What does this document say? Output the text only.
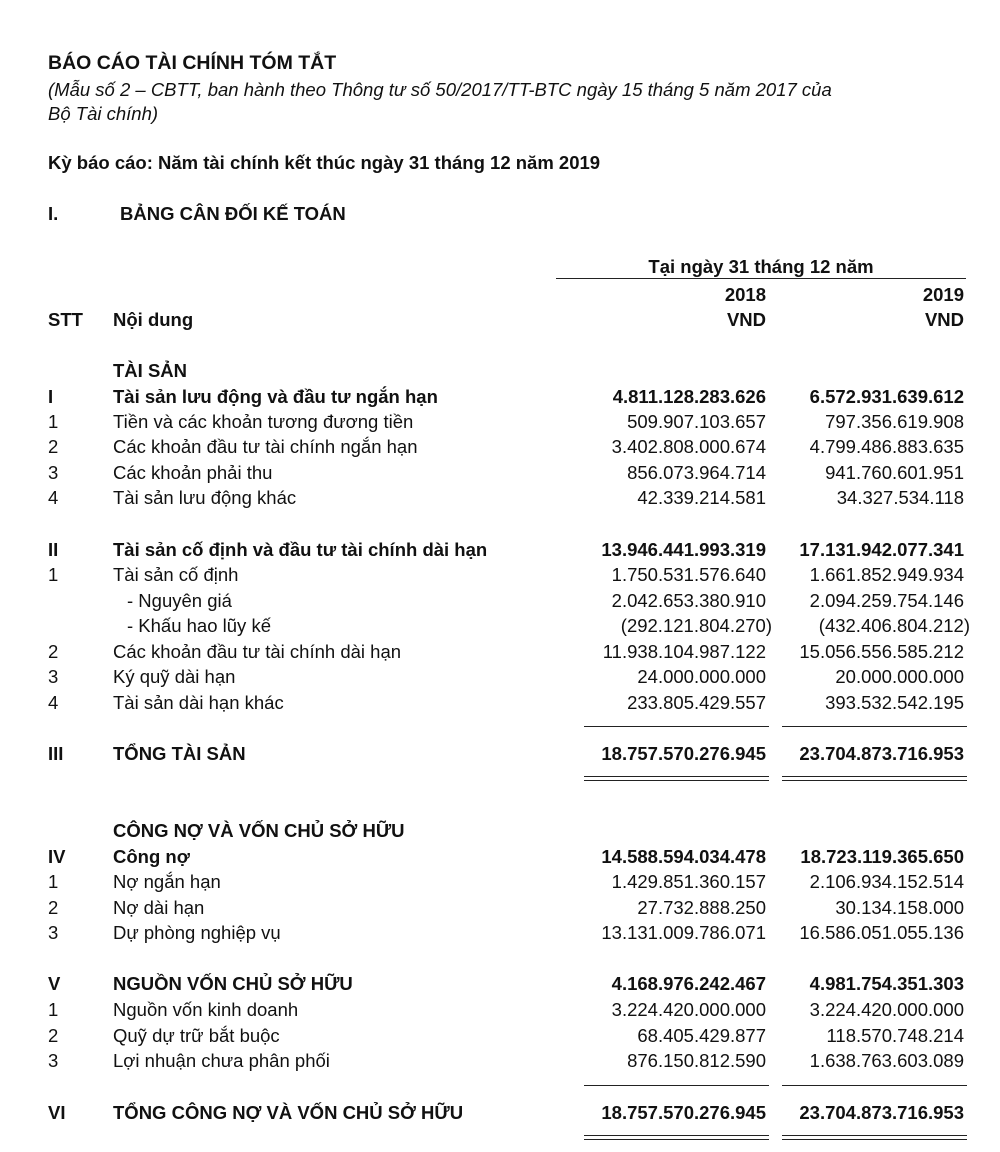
BÁO CÁO TÀI CHÍNH TÓM TẮT
(Mẫu số 2 – CBTT, ban hành theo Thông tư số 50/2017/TT-BTC ngày 15 tháng 5 năm 2017 của
Bộ Tài chính)
Kỳ báo cáo: Năm tài chính kết thúc ngày 31 tháng 12 năm 2019
I.	BẢNG CÂN ĐỐI KẾ TOÁN
Tại ngày 31 tháng 12 năm
2018	2019
STT Nội dung	VND	VND
TÀI SẢN
I	Tài sản lưu động và đầu tư ngắn hạn	4.811.128.283.626 6.572.931.639.612
1	Tiền và các khoản tương đương tiền	509.907.103.657	797.356.619.908
2	Các khoản đầu tư tài chính ngắn hạn	3.402.808.000.674 4.799.486.883.635
3	Các khoản phải thu	856.073.964.714	941.760.601.951
4	Tài sản lưu động khác	42.339.214.581	34.327.534.118
II	Tài sản cố định và đầu tư tài chính dài hạn	13.946.441.993.319 17.131.942.077.341
1	Tài sản cố định	1.750.531.576.640 1.661.852.949.934
- Nguyên giá	2.042.653.380.910 2.094.259.754.146
- Khấu hao lũy kế	(292.121.804.270)	(432.406.804.212)
2	Các khoản đầu tư tài chính dài hạn	11.938.104.987.122 15.056.556.585.212
3	Ký quỹ dài hạn	24.000.000.000	20.000.000.000
4	Tài sản dài hạn khác	233.805.429.557	393.532.542.195
III	TỔNG TÀI SẢN	18.757.570.276.945 23.704.873.716.953
CÔNG NỢ VÀ VỐN CHỦ SỞ HỮU
IV	Công nợ	14.588.594.034.478 18.723.119.365.650
1	Nợ ngắn hạn	1.429.851.360.157 2.106.934.152.514
2	Nợ dài hạn	27.732.888.250	30.134.158.000
3	Dự phòng nghiệp vụ	13.131.009.786.071 16.586.051.055.136
V	NGUỒN VỐN CHỦ SỞ HỮU	4.168.976.242.467 4.981.754.351.303
1	Nguồn vốn kinh doanh	3.224.420.000.000 3.224.420.000.000
2	Quỹ dự trữ bắt buộc	68.405.429.877	118.570.748.214
3	Lợi nhuận chưa phân phối	876.150.812.590 1.638.763.603.089
VI	TỔNG CÔNG NỢ VÀ VỐN CHỦ SỞ HỮU	18.757.570.276.945 23.704.873.716.953
